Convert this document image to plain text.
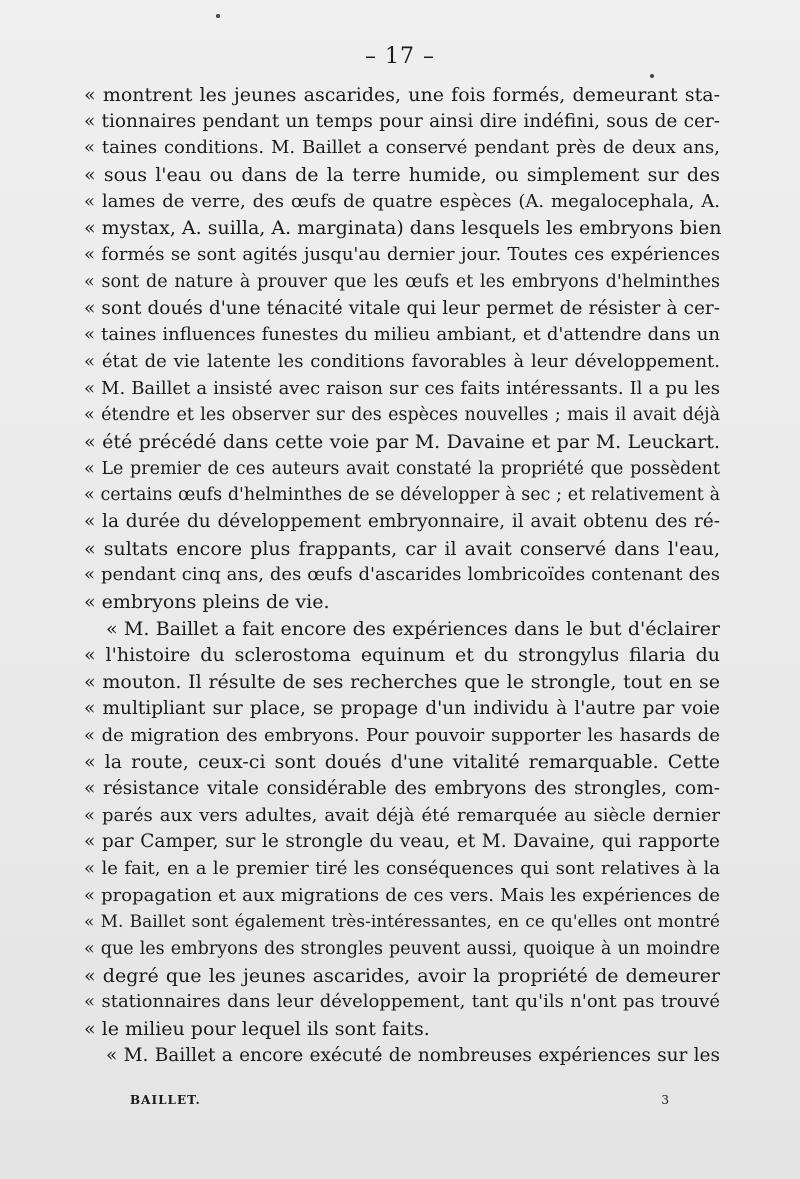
– 17 –
« montrent les jeunes ascarides, une fois formés, demeurant sta-
« tionnaires pendant un temps pour ainsi dire indéfini, sous de cer-
« taines conditions. M. Baillet a conservé pendant près de deux ans,
« sous l'eau ou dans de la terre humide, ou simplement sur des
« lames de verre, des œufs de quatre espèces (A. megalocephala, A.
« mystax, A. suilla, A. marginata) dans lesquels les embryons bien
« formés se sont agités jusqu'au dernier jour. Toutes ces expériences
« sont de nature à prouver que les œufs et les embryons d'helminthes
« sont doués d'une ténacité vitale qui leur permet de résister à cer-
« taines influences funestes du milieu ambiant, et d'attendre dans un
« état de vie latente les conditions favorables à leur développement.
« M. Baillet a insisté avec raison sur ces faits intéressants. Il a pu les
« étendre et les observer sur des espèces nouvelles ; mais il avait déjà
« été précédé dans cette voie par M. Davaine et par M. Leuckart.
« Le premier de ces auteurs avait constaté la propriété que possèdent
« certains œufs d'helminthes de se développer à sec ; et relativement à
« la durée du développement embryonnaire, il avait obtenu des ré-
« sultats encore plus frappants, car il avait conservé dans l'eau,
« pendant cinq ans, des œufs d'ascarides lombricoïdes contenant des
« embryons pleins de vie.
« M. Baillet a fait encore des expériences dans le but d'éclairer
« l'histoire du sclerostoma equinum et du strongylus filaria du
« mouton. Il résulte de ses recherches que le strongle, tout en se
« multipliant sur place, se propage d'un individu à l'autre par voie
« de migration des embryons. Pour pouvoir supporter les hasards de
« la route, ceux-ci sont doués d'une vitalité remarquable. Cette
« résistance vitale considérable des embryons des strongles, com-
« parés aux vers adultes, avait déjà été remarquée au siècle dernier
« par Camper, sur le strongle du veau, et M. Davaine, qui rapporte
« le fait, en a le premier tiré les conséquences qui sont relatives à la
« propagation et aux migrations de ces vers. Mais les expériences de
« M. Baillet sont également très-intéressantes, en ce qu'elles ont montré
« que les embryons des strongles peuvent aussi, quoique à un moindre
« degré que les jeunes ascarides, avoir la propriété de demeurer
« stationnaires dans leur développement, tant qu'ils n'ont pas trouvé
« le milieu pour lequel ils sont faits.
« M. Baillet a encore exécuté de nombreuses expériences sur les
BAILLET.	3
